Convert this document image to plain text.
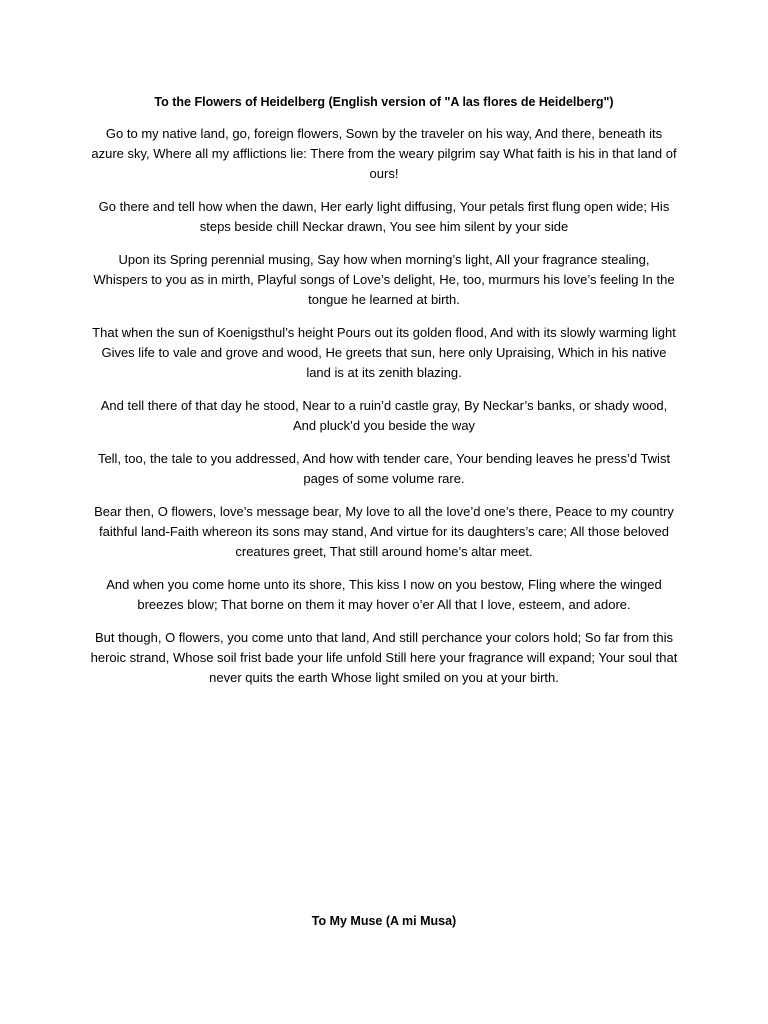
To the Flowers of Heidelberg (English version of "A las flores de Heidelberg")

Go to my native land, go, foreign flowers, Sown by the traveler on his way, And there, beneath its azure sky, Where all my afflictions lie: There from the weary pilgrim say What faith is his in that land of ours!

Go there and tell how when the dawn, Her early light diffusing, Your petals first flung open wide; His steps beside chill Neckar drawn, You see him silent by your side

Upon its Spring perennial musing, Say how when morning’s light, All your fragrance stealing, Whispers to you as in mirth, Playful songs of Love’s delight, He, too, murmurs his love’s feeling In the tongue he learned at birth.

That when the sun of Koenigsthul’s height Pours out its golden flood, And with its slowly warming light Gives life to vale and grove and wood, He greets that sun, here only Upraising, Which in his native land is at its zenith blazing.

And tell there of that day he stood, Near to a ruin’d castle gray, By Neckar’s banks, or shady wood, And pluck’d you beside the way

Tell, too, the tale to you addressed, And how with tender care, Your bending leaves he press’d Twist pages of some volume rare.

Bear then, O flowers, love’s message bear, My love to all the love’d one’s there, Peace to my country faithful land-Faith whereon its sons may stand, And virtue for its daughters’s care; All those beloved creatures greet, That still around home’s altar meet.

And when you come home unto its shore, This kiss I now on you bestow, Fling where the winged breezes blow; That borne on them it may hover o’er All that I love, esteem, and adore.

But though, O flowers, you come unto that land, And still perchance your colors hold; So far from this heroic strand, Whose soil frist bade your life unfold Still here your fragrance will expand; Your soul that never quits the earth Whose light smiled on you at your birth.

To My Muse (A mi Musa)
